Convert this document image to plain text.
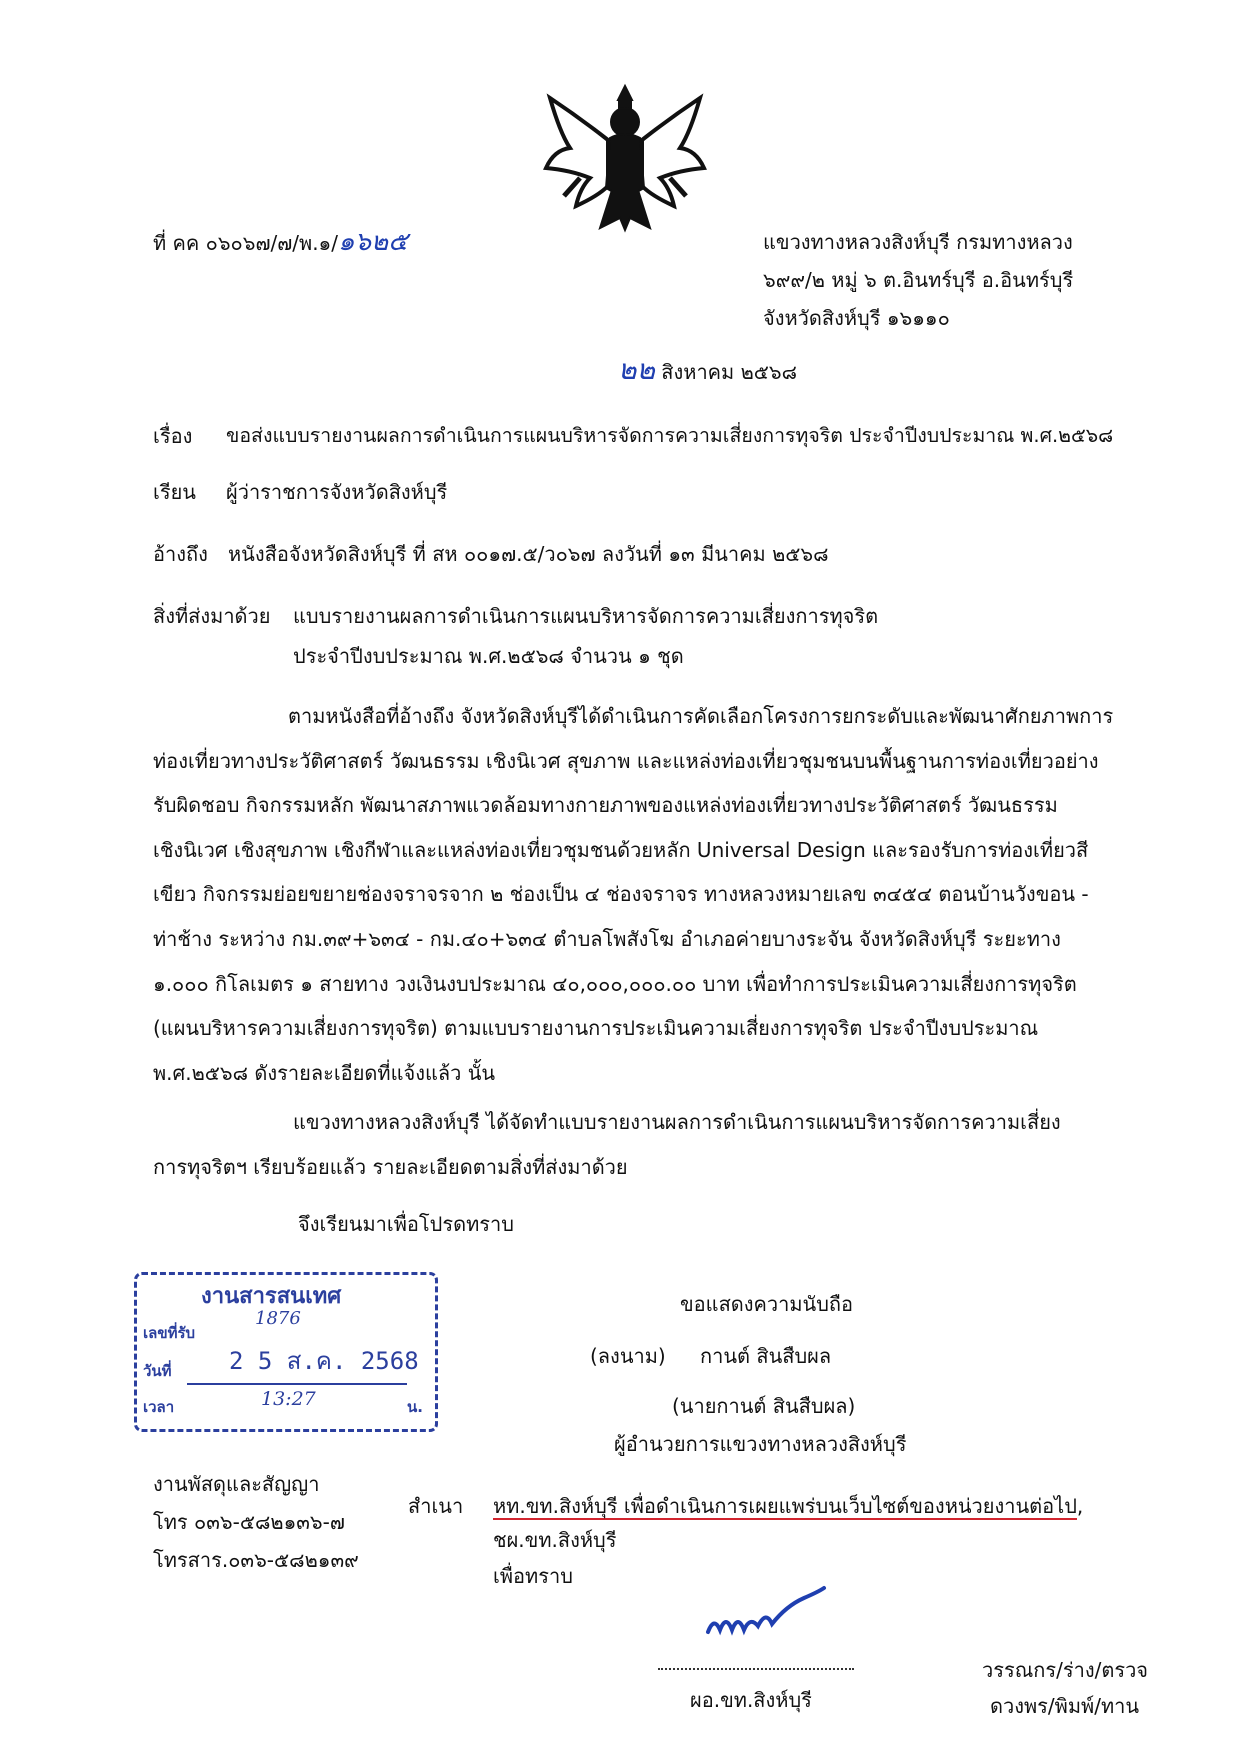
ที่ คค ๐๖๐๖๗/๗/พ.๑/๑๖๒๕	แขวงทางหลวงสิงห์บุรี กรมทางหลวง
๖๙๙/๒ หมู่ ๖ ต.อินทร์บุรี อ.อินทร์บุรี
จังหวัดสิงห์บุรี ๑๖๑๑๐
๒๒ สิงหาคม ๒๕๖๘
เรื่อง ขอส่งแบบรายงานผลการดำเนินการแผนบริหารจัดการความเสี่ยงการทุจริต ประจำปีงบประมาณ พ.ศ.๒๕๖๘
เรียน ผู้ว่าราชการจังหวัดสิงห์บุรี
อ้างถึง หนังสือจังหวัดสิงห์บุรี ที่ สห ๐๐๑๗.๕/ว๐๖๗ ลงวันที่ ๑๓ มีนาคม ๒๕๖๘
สิ่งที่ส่งมาด้วย แบบรายงานผลการดำเนินการแผนบริหารจัดการความเสี่ยงการทุจริต
ประจำปีงบประมาณ พ.ศ.๒๕๖๘ จำนวน ๑ ชุด
ตามหนังสือที่อ้างถึง จังหวัดสิงห์บุรีได้ดำเนินการคัดเลือกโครงการยกระดับและพัฒนาศักยภาพการ
ท่องเที่ยวทางประวัติศาสตร์ วัฒนธรรม เชิงนิเวศ สุขภาพ และแหล่งท่องเที่ยวชุมชนบนพื้นฐานการท่องเที่ยวอย่าง
รับผิดชอบ กิจกรรมหลัก พัฒนาสภาพแวดล้อมทางกายภาพของแหล่งท่องเที่ยวทางประวัติศาสตร์ วัฒนธรรม
เชิงนิเวศ เชิงสุขภาพ เชิงกีฬาและแหล่งท่องเที่ยวชุมชนด้วยหลัก Universal Design และรองรับการท่องเที่ยวสี
เขียว กิจกรรมย่อยขยายช่องจราจรจาก ๒ ช่องเป็น ๔ ช่องจราจร ทางหลวงหมายเลข ๓๔๕๔ ตอนบ้านวังขอน -
ท่าช้าง ระหว่าง กม.๓๙+๖๓๔ - กม.๔๐+๖๓๔ ตำบลโพสังโฆ อำเภอค่ายบางระจัน จังหวัดสิงห์บุรี ระยะทาง
๑.๐๐๐ กิโลเมตร ๑ สายทาง วงเงินงบประมาณ ๔๐,๐๐๐,๐๐๐.๐๐ บาท เพื่อทำการประเมินความเสี่ยงการทุจริต
(แผนบริหารความเสี่ยงการทุจริต) ตามแบบรายงานการประเมินความเสี่ยงการทุจริต ประจำปีงบประมาณ
พ.ศ.๒๕๖๘ ดังรายละเอียดที่แจ้งแล้ว นั้น
แขวงทางหลวงสิงห์บุรี ได้จัดทำแบบรายงานผลการดำเนินการแผนบริหารจัดการความเสี่ยง
การทุจริตฯ เรียบร้อยแล้ว รายละเอียดตามสิ่งที่ส่งมาด้วย
จึงเรียนมาเพื่อโปรดทราบ
งานสารสนเทศ
เลขที่รับ
1876
วันที่ 2 5 ส.ค. 2568
เวลา	13:27	น.
ขอแสดงความนับถือ
(ลงนาม) กานต์ สินสืบผล
(นายกานต์ สินสืบผล)
ผู้อำนวยการแขวงทางหลวงสิงห์บุรี
งานพัสดุและสัญญา
โทร ๐๓๖-๕๘๒๑๓๖-๗
โทรสาร.๐๓๖-๕๘๒๑๓๙
สำเนา หท.ขท.สิงห์บุรี เพื่อดำเนินการเผยแพร่บนเว็บไซต์ของหน่วยงานต่อไป,
ชผ.ขท.สิงห์บุรี
เพื่อทราบ
ผอ.ขท.สิงห์บุรี
วรรณกร/ร่าง/ตรวจ
ดวงพร/พิมพ์/ทาน
